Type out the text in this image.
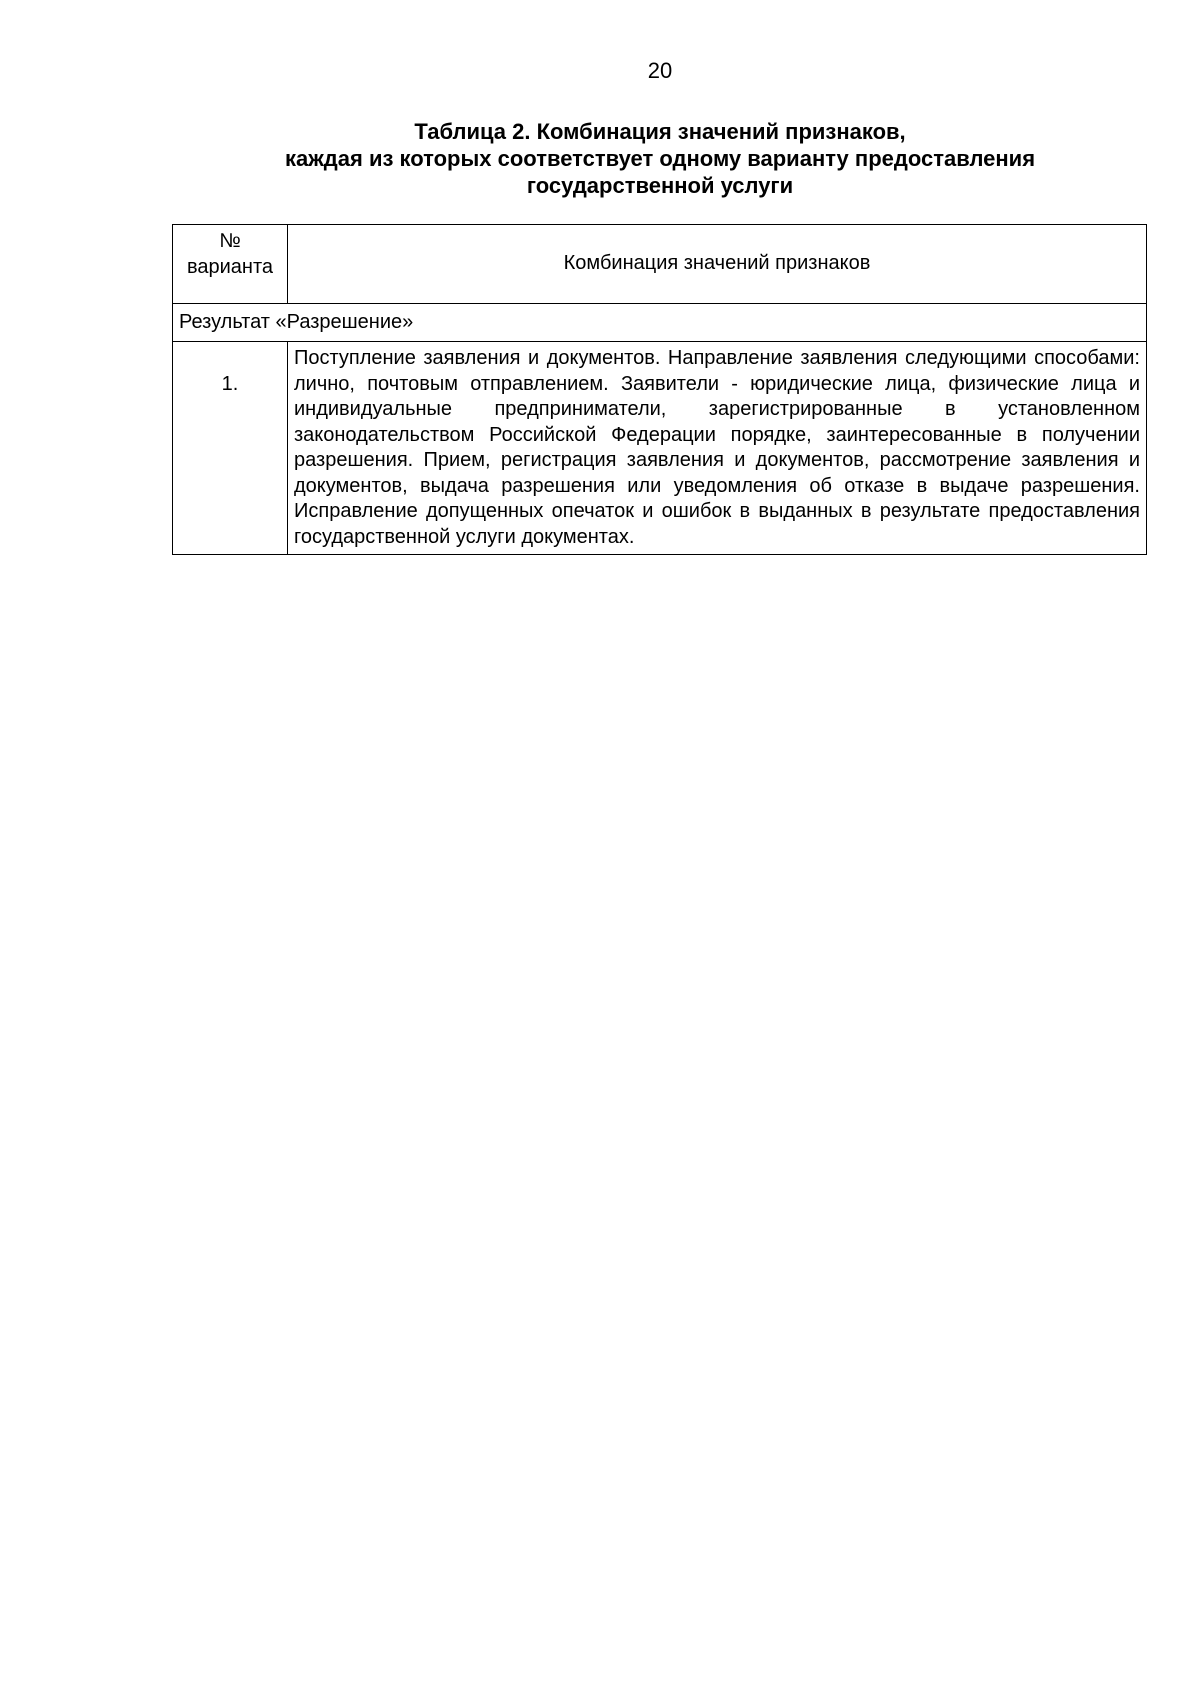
20
Таблица 2. Комбинация значений признаков,
каждая из которых соответствует одному варианту предоставления
государственной услуги
№
варианта	Комбинация значений признаков
Результат «Разрешение»	
1.	Поступление заявления и документов. Направление заявления следующими способами: лично, почтовым отправлением. Заявители - юридические лица, физические лица и индивидуальные предприниматели, зарегистрированные в установленном законодательством Российской Федерации порядке, заинтересованные в получении разрешения. Прием, регистрация заявления и документов, рассмотрение заявления и документов, выдача разрешения или уведомления об отказе в выдаче разрешения. Исправление допущенных опечаток и ошибок в выданных в результате предоставления государственной услуги документах.
